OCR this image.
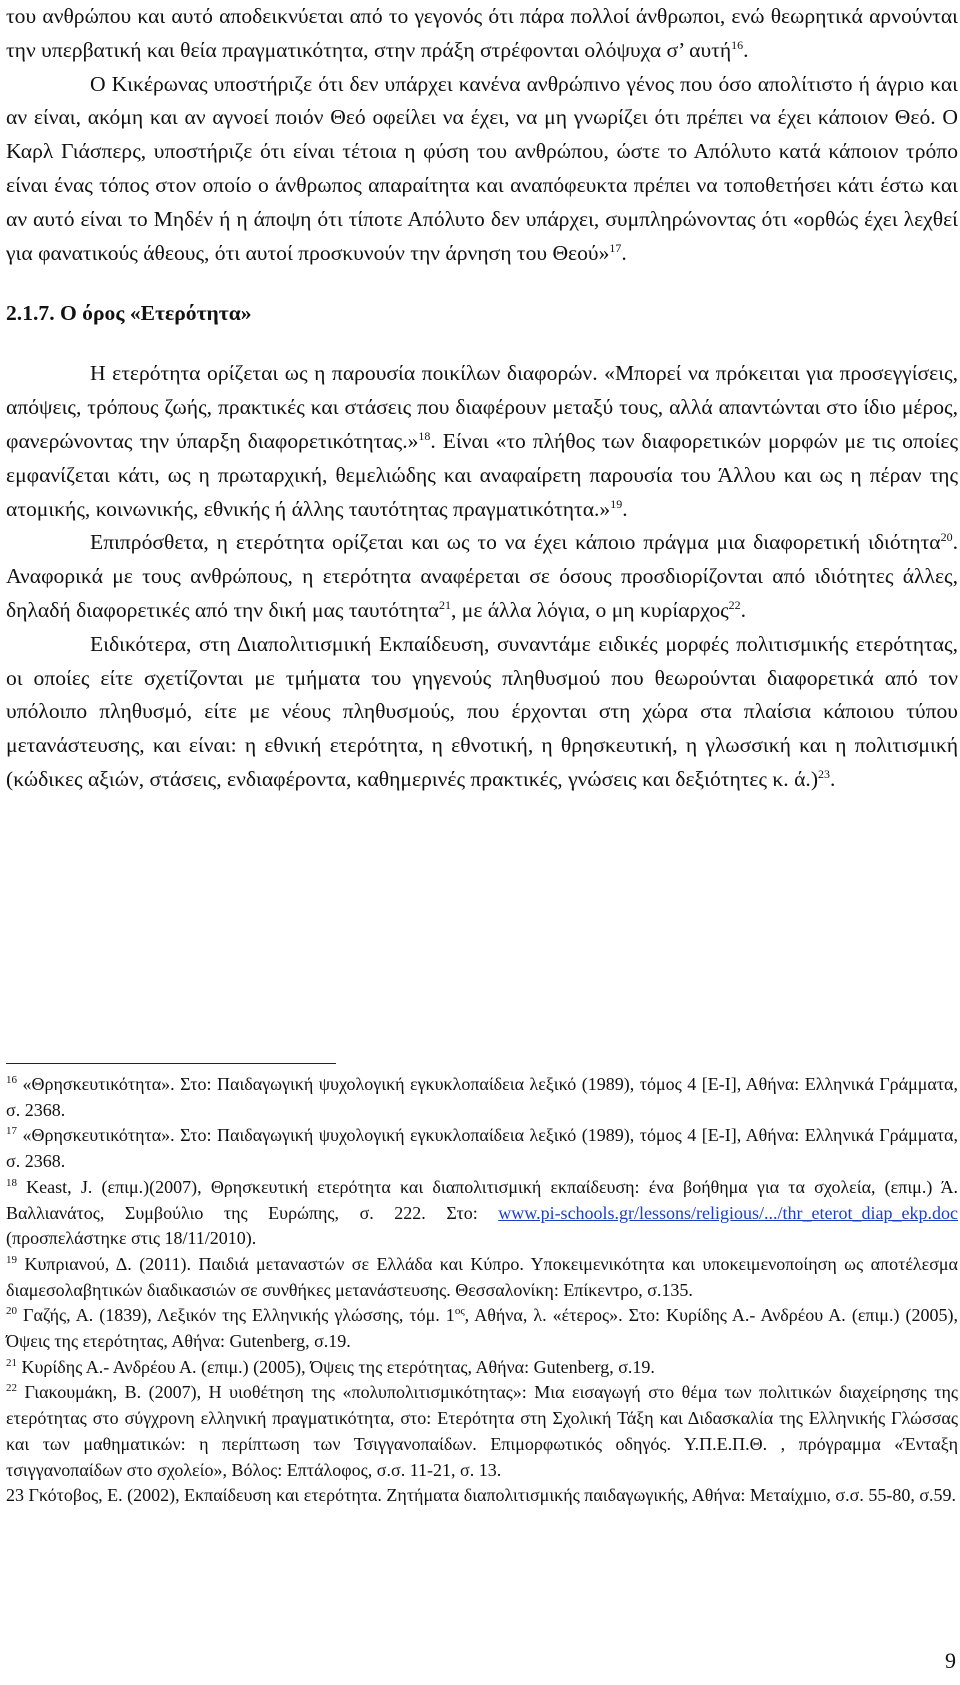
του ανθρώπου και αυτό αποδεικνύεται από το γεγονός ότι πάρα πολλοί άνθρωποι, ενώ θεωρητικά αρνούνται την υπερβατική και θεία πραγματικότητα, στην πράξη στρέφονται ολόψυχα σ’ αυτή$^{16}$.

Ο Κικέρωνας υποστήριζε ότι δεν υπάρχει κανένα ανθρώπινο γένος που όσο απολίτιστο ή άγριο και αν είναι, ακόμη και αν αγνοεί ποιόν Θεό οφείλει να έχει, να μη γνωρίζει ότι πρέπει να έχει κάποιον Θεό. Ο Καρλ Γιάσπερς, υποστήριζε ότι είναι τέτοια η φύση του ανθρώπου, ώστε το Απόλυτο κατά κάποιον τρόπο είναι ένας τόπος στον οποίο ο άνθρωπος απαραίτητα και αναπόφευκτα πρέπει να τοποθετήσει κάτι έστω και αν αυτό είναι το Μηδέν ή η άποψη ότι τίποτε Απόλυτο δεν υπάρχει, συμπληρώνοντας ότι «ορθώς έχει λεχθεί για φανατικούς άθεους, ότι αυτοί προσκυνούν την άρνηση του Θεού»$^{17}$.

2.1.7. Ο όρος «Ετερότητα»

Η ετερότητα ορίζεται ως η παρουσία ποικίλων διαφορών. «Μπορεί να πρόκειται για προσεγγίσεις, απόψεις, τρόπους ζωής, πρακτικές και στάσεις που διαφέρουν μεταξύ τους, αλλά απαντώνται στο ίδιο μέρος, φανερώνοντας την ύπαρξη διαφορετικότητας.»$^{18}$. Είναι «το πλήθος των διαφορετικών μορφών με τις οποίες εμφανίζεται κάτι, ως η πρωταρχική, θεμελιώδης και αναφαίρετη παρουσία του Άλλου και ως η πέραν της ατομικής, κοινωνικής, εθνικής ή άλλης ταυτότητας πραγματικότητα.»$^{19}$.

Επιπρόσθετα, η ετερότητα ορίζεται και ως το να έχει κάποιο πράγμα μια διαφορετική ιδιότητα$^{20}$. Αναφορικά με τους ανθρώπους, η ετερότητα αναφέρεται σε όσους προσδιορίζονται από ιδιότητες άλλες, δηλαδή διαφορετικές από την δική μας ταυτότητα$^{21}$, με άλλα λόγια, ο μη κυρίαρχος$^{22}$.

Ειδικότερα, στη Διαπολιτισμική Εκπαίδευση, συναντάμε ειδικές μορφές πολιτισμικής ετερότητας, οι οποίες είτε σχετίζονται με τμήματα του γηγενούς πληθυσμού που θεωρούνται διαφορετικά από τον υπόλοιπο πληθυσμό, είτε με νέους πληθυσμούς, που έρχονται στη χώρα στα πλαίσια κάποιου τύπου μετανάστευσης, και είναι: η εθνική ετερότητα, η εθνοτική, η θρησκευτική, η γλωσσική και η πολιτισμική (κώδικες αξιών, στάσεις, ενδιαφέροντα, καθημερινές πρακτικές, γνώσεις και δεξιότητες κ. ά.)$^{23}$.

$^{16}$ «Θρησκευτικότητα». Στο: Παιδαγωγική ψυχολογική εγκυκλοπαίδεια λεξικό (1989), τόμος 4 [Ε-Ι], Αθήνα: Ελληνικά Γράμματα, σ. 2368.

$^{17}$ «Θρησκευτικότητα». Στο: Παιδαγωγική ψυχολογική εγκυκλοπαίδεια λεξικό (1989), τόμος 4 [Ε-Ι], Αθήνα: Ελληνικά Γράμματα, σ. 2368.

$^{18}$ Keast, J. (επιμ.)(2007), Θρησκευτική ετερότητα και διαπολιτισμική εκπαίδευση: ένα βοήθημα για τα σχολεία, (επιμ.) Ά. Βαλλιανάτος, Συμβούλιο της Ευρώπης, σ. 222. Στο: www.pi-schools.gr/lessons/religious/.../thr_eterot_diap_ekp.doc (προσπελάστηκε στις 18/11/2010).

$^{19}$ Κυπριανού, Δ. (2011). Παιδιά μεταναστών σε Ελλάδα και Κύπρο. Υποκειμενικότητα και υποκειμενοποίηση ως αποτέλεσμα διαμεσολαβητικών διαδικασιών σε συνθήκες μετανάστευσης. Θεσσαλονίκη: Επίκεντρο, σ.135.

$^{20}$ Γαζής, Α. (1839), Λεξικόν της Ελληνικής γλώσσης, τόμ. $1^{o\varsigma}$, Αθήνα, λ. «έτερος». Στο: Κυρίδης Α.- Ανδρέου Α. (επιμ.) (2005), Όψεις της ετερότητας, Αθήνα: Gutenberg, σ.19.

$^{21}$ Κυρίδης Α.- Ανδρέου Α. (επιμ.) (2005), Όψεις της ετερότητας, Αθήνα: Gutenberg, σ.19.

$^{22}$ Γιακουμάκη, Β. (2007), Η υιοθέτηση της «πολυπολιτισμικότητας»: Μια εισαγωγή στο θέμα των πολιτικών διαχείρησης της ετερότητας στο σύγχρονη ελληνική πραγματικότητα, στο: Ετερότητα στη Σχολική Τάξη και Διδασκαλία της Ελληνικής Γλώσσας και των μαθηματικών: η περίπτωση των Τσιγγανοπαίδων. Επιμορφωτικός οδηγός. Υ.Π.Ε.Π.Θ. , πρόγραμμα «Ένταξη τσιγγανοπαίδων στο σχολείο», Βόλος: Επτάλοφος, σ.σ. 11-21, σ. 13.

23 Γκότοβος, Ε. (2002), Εκπαίδευση και ετερότητα. Ζητήματα διαπολιτισμικής παιδαγωγικής, Αθήνα: Μεταίχμιο, σ.σ. 55-80, σ.59.

9
